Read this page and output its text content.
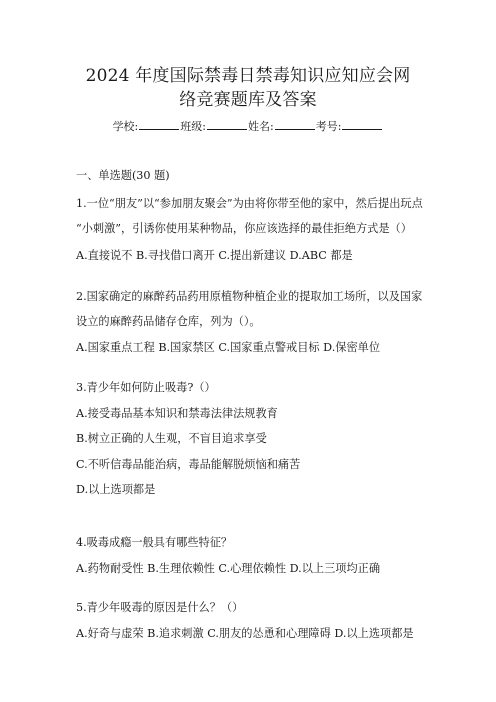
2024 年度国际禁毒日禁毒知识应知应会网
络竞赛题库及答案
学校:	班级:	姓名:	考号:
一、单选题(30 题)
1.一位“朋友”以“参加朋友聚会”为由将你带至他的家中，然后提出玩点
“小刺激”，引诱你使用某种物品，你应该选择的最佳拒绝方式是（）
A.直接说不 B.寻找借口离开 C.提出新建议 D.ABC 都是
2.国家确定的麻醉药品药用原植物种植企业的提取加工场所，以及国家
设立的麻醉药品储存仓库，列为（）。
A.国家重点工程 B.国家禁区 C.国家重点警戒目标 D.保密单位
3.青少年如何防止吸毒?（）
A.接受毒品基本知识和禁毒法律法规教育
B.树立正确的人生观，不盲目追求享受
C.不听信毒品能治病，毒品能解脱烦恼和痛苦
D.以上选项都是
4.吸毒成瘾一般具有哪些特征？
A.药物耐受性 B.生理依赖性 C.心理依赖性 D.以上三项均正确
5.青少年吸毒的原因是什么？（）
A.好奇与虚荣 B.追求刺激 C.朋友的怂恿和心理障碍 D.以上选项都是
